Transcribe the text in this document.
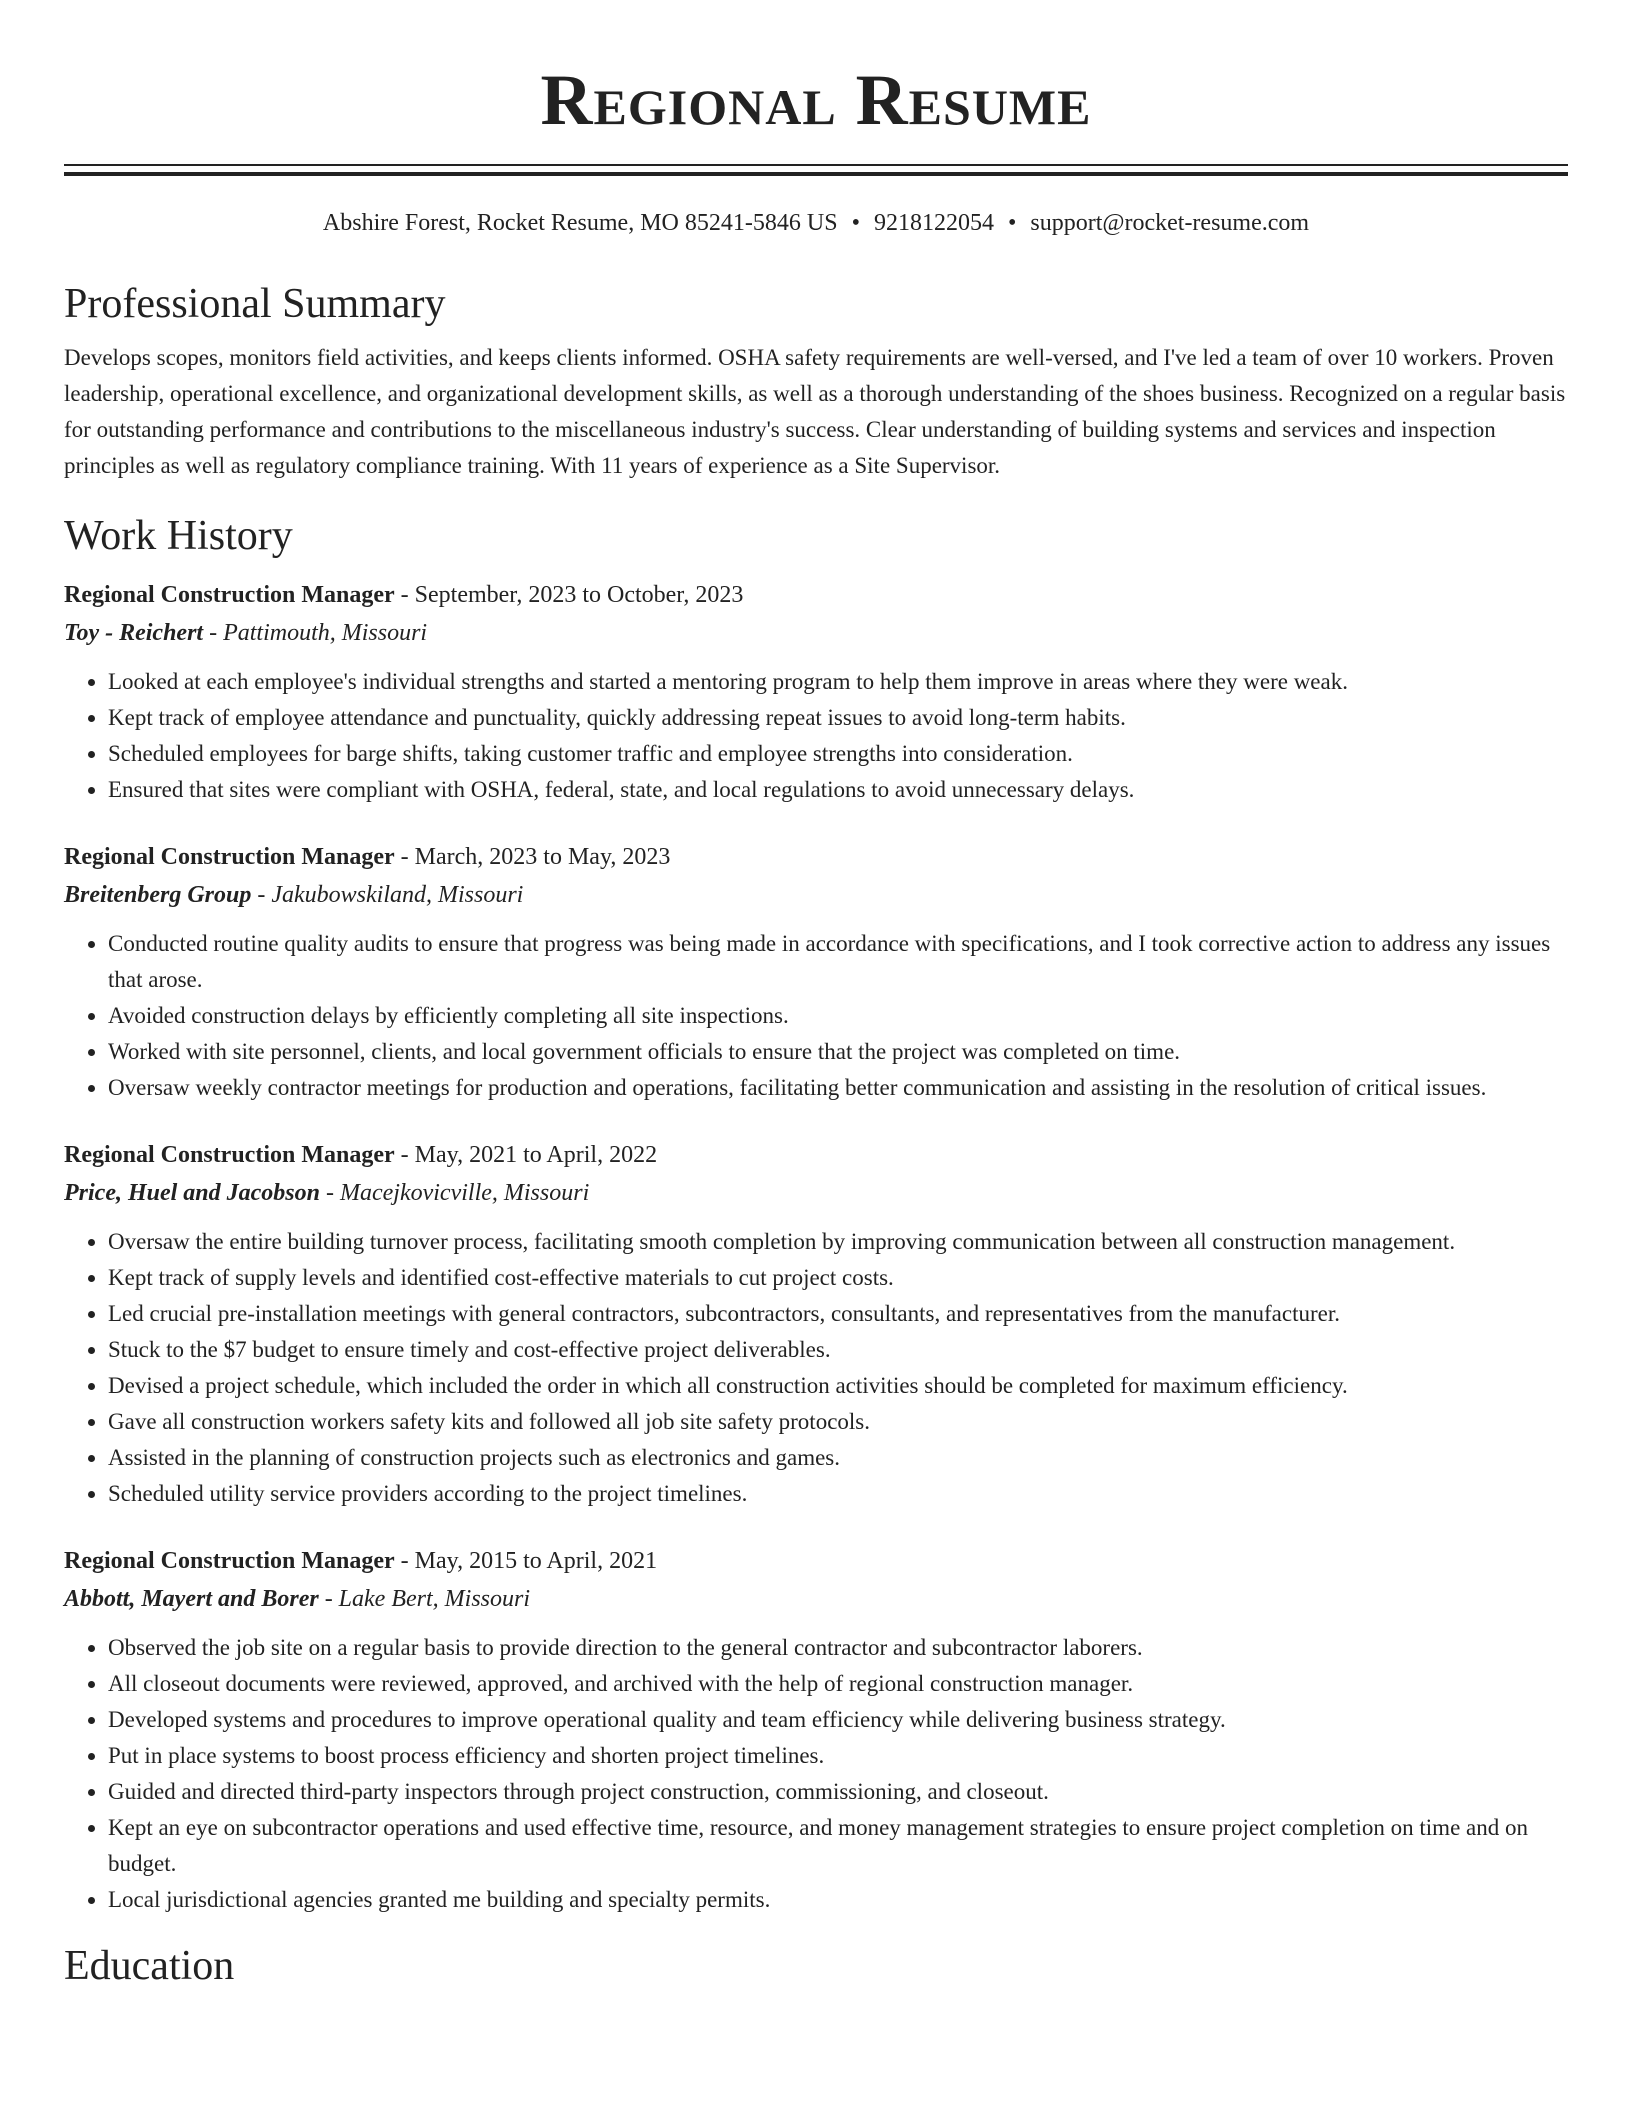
Regional Resume
Abshire Forest, Rocket Resume, MO 85241-5846 US • 9218122054 • support@rocket-resume.com
Professional Summary
Develops scopes, monitors field activities, and keeps clients informed. OSHA safety requirements are well-versed, and I've led a team of over 10 workers. Proven leadership, operational excellence, and organizational development skills, as well as a thorough understanding of the shoes business. Recognized on a regular basis for outstanding performance and contributions to the miscellaneous industry's success. Clear understanding of building systems and services and inspection principles as well as regulatory compliance training. With 11 years of experience as a Site Supervisor.
Work History
Regional Construction Manager - September, 2023 to October, 2023
Toy - Reichert - Pattimouth, Missouri
• Looked at each employee's individual strengths and started a mentoring program to help them improve in areas where they were weak.
• Kept track of employee attendance and punctuality, quickly addressing repeat issues to avoid long-term habits.
• Scheduled employees for barge shifts, taking customer traffic and employee strengths into consideration.
• Ensured that sites were compliant with OSHA, federal, state, and local regulations to avoid unnecessary delays.
Regional Construction Manager - March, 2023 to May, 2023
Breitenberg Group - Jakubowskiland, Missouri
• Conducted routine quality audits to ensure that progress was being made in accordance with specifications, and I took corrective action to address any issues that arose.
• Avoided construction delays by efficiently completing all site inspections.
• Worked with site personnel, clients, and local government officials to ensure that the project was completed on time.
• Oversaw weekly contractor meetings for production and operations, facilitating better communication and assisting in the resolution of critical issues.
Regional Construction Manager - May, 2021 to April, 2022
Price, Huel and Jacobson - Macejkovicville, Missouri
• Oversaw the entire building turnover process, facilitating smooth completion by improving communication between all construction management.
• Kept track of supply levels and identified cost-effective materials to cut project costs.
• Led crucial pre-installation meetings with general contractors, subcontractors, consultants, and representatives from the manufacturer.
• Stuck to the $7 budget to ensure timely and cost-effective project deliverables.
• Devised a project schedule, which included the order in which all construction activities should be completed for maximum efficiency.
• Gave all construction workers safety kits and followed all job site safety protocols.
• Assisted in the planning of construction projects such as electronics and games.
• Scheduled utility service providers according to the project timelines.
Regional Construction Manager - May, 2015 to April, 2021
Abbott, Mayert and Borer - Lake Bert, Missouri
• Observed the job site on a regular basis to provide direction to the general contractor and subcontractor laborers.
• All closeout documents were reviewed, approved, and archived with the help of regional construction manager.
• Developed systems and procedures to improve operational quality and team efficiency while delivering business strategy.
• Put in place systems to boost process efficiency and shorten project timelines.
• Guided and directed third-party inspectors through project construction, commissioning, and closeout.
• Kept an eye on subcontractor operations and used effective time, resource, and money management strategies to ensure project completion on time and on budget.
• Local jurisdictional agencies granted me building and specialty permits.
Education
